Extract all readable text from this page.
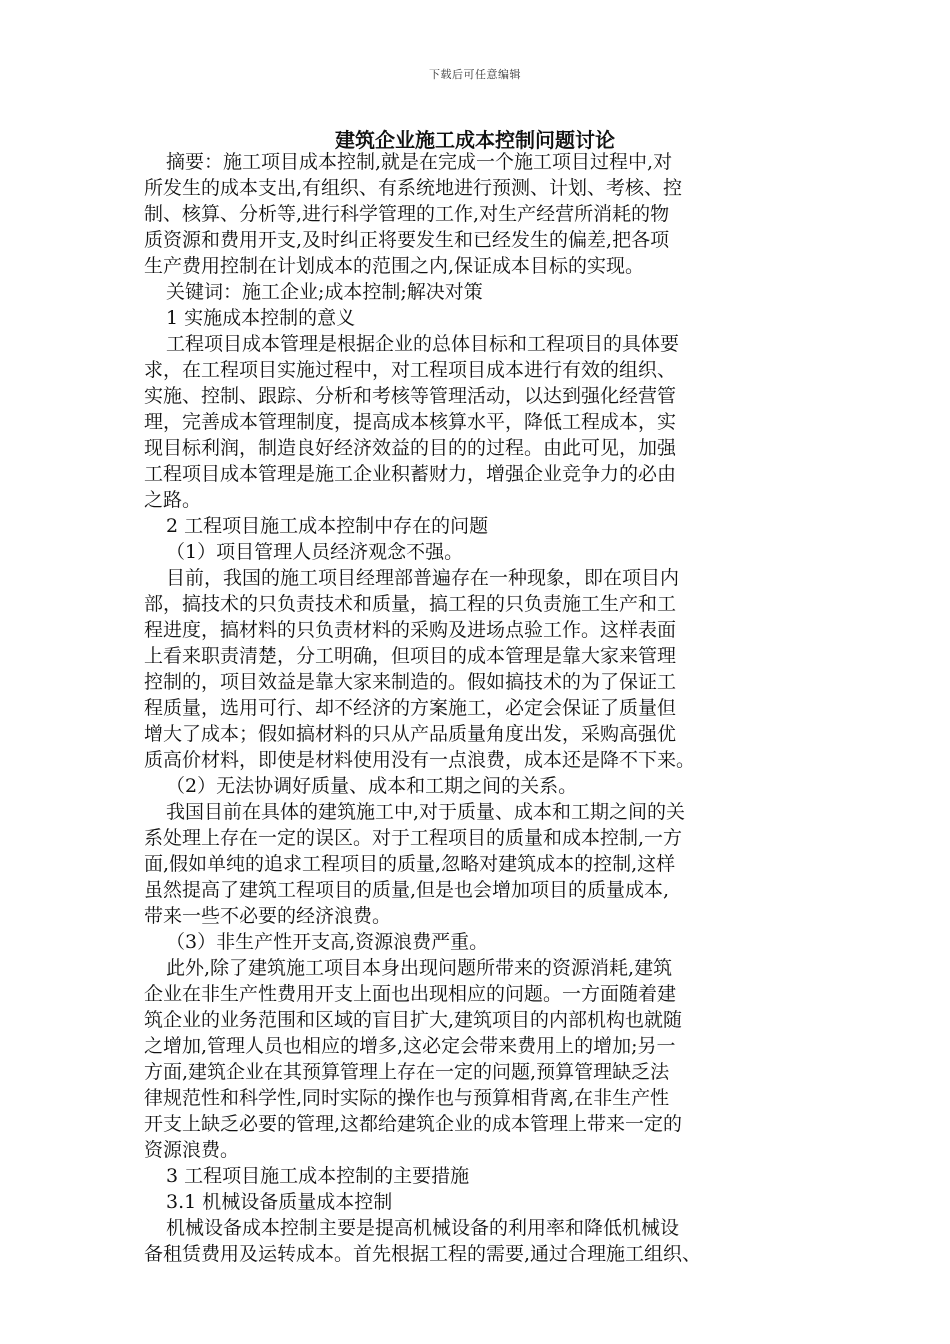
下载后可任意编辑
建筑企业施工成本控制问题讨论
摘要：施工项目成本控制,就是在完成一个施工项目过程中,对
所发生的成本支出,有组织、有系统地进行预测、计划、考核、控
制、核算、分析等,进行科学管理的工作,对生产经营所消耗的物
质资源和费用开支,及时纠正将要发生和已经发生的偏差,把各项
生产费用控制在计划成本的范围之内,保证成本目标的实现。
关键词：施工企业;成本控制;解决对策
1 实施成本控制的意义
工程项目成本管理是根据企业的总体目标和工程项目的具体要
求，在工程项目实施过程中，对工程项目成本进行有效的组织、
实施、控制、跟踪、分析和考核等管理活动，以达到强化经营管
理，完善成本管理制度，提高成本核算水平，降低工程成本，实
现目标利润，制造良好经济效益的目的的过程。由此可见，加强
工程项目成本管理是施工企业积蓄财力，增强企业竞争力的必由
之路。
2 工程项目施工成本控制中存在的问题
（1）项目管理人员经济观念不强。
目前，我国的施工项目经理部普遍存在一种现象，即在项目内
部，搞技术的只负责技术和质量，搞工程的只负责施工生产和工
程进度，搞材料的只负责材料的采购及进场点验工作。这样表面
上看来职责清楚，分工明确，但项目的成本管理是靠大家来管理
控制的，项目效益是靠大家来制造的。假如搞技术的为了保证工
程质量，选用可行、却不经济的方案施工，必定会保证了质量但
增大了成本；假如搞材料的只从产品质量角度出发，采购高强优
质高价材料，即使是材料使用没有一点浪费，成本还是降不下来。
（2）无法协调好质量、成本和工期之间的关系。
我国目前在具体的建筑施工中,对于质量、成本和工期之间的关
系处理上存在一定的误区。对于工程项目的质量和成本控制,一方
面,假如单纯的追求工程项目的质量,忽略对建筑成本的控制,这样
虽然提高了建筑工程项目的质量,但是也会增加项目的质量成本,
带来一些不必要的经济浪费。
（3）非生产性开支高,资源浪费严重。
此外,除了建筑施工项目本身出现问题所带来的资源消耗,建筑
企业在非生产性费用开支上面也出现相应的问题。一方面随着建
筑企业的业务范围和区域的盲目扩大,建筑项目的内部机构也就随
之增加,管理人员也相应的增多,这必定会带来费用上的增加;另一
方面,建筑企业在其预算管理上存在一定的问题,预算管理缺乏法
律规范性和科学性,同时实际的操作也与预算相背离,在非生产性
开支上缺乏必要的管理,这都给建筑企业的成本管理上带来一定的
资源浪费。
3 工程项目施工成本控制的主要措施
3.1 机械设备质量成本控制
机械设备成本控制主要是提高机械设备的利用率和降低机械设
备租赁费用及运转成本。首先根据工程的需要,通过合理施工组织、
